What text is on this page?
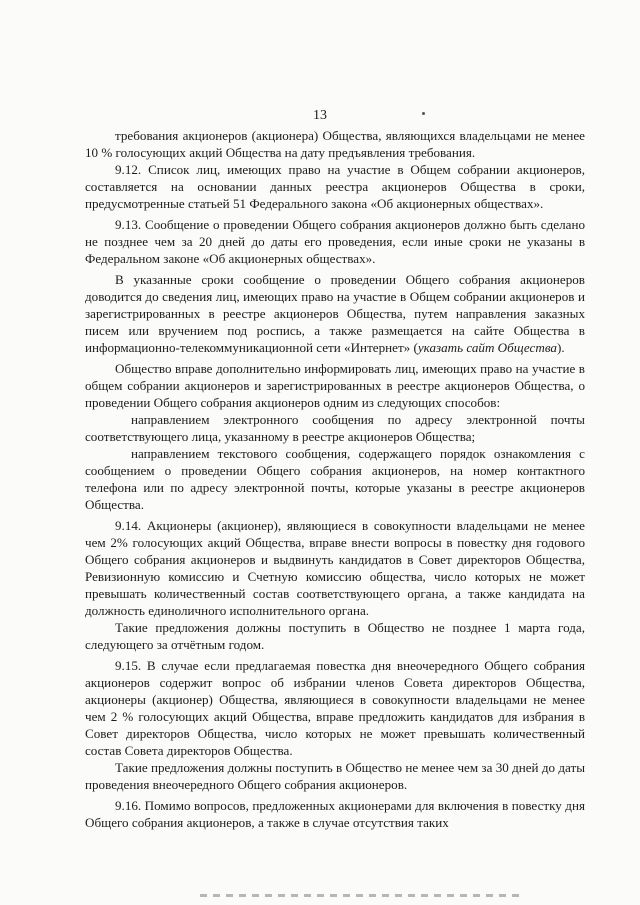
13

требования акционеров (акционера) Общества, являющихся владельцами не менее 10 % голосующих акций Общества на дату предъявления требования.

9.12. Список лиц, имеющих право на участие в Общем собрании акционеров, составляется на основании данных реестра акционеров Общества в сроки, предусмотренные статьей 51 Федерального закона «Об акционерных обществах».

9.13. Сообщение о проведении Общего собрания акционеров должно быть сделано не позднее чем за 20 дней до даты его проведения, если иные сроки не указаны в Федеральном законе «Об акционерных обществах».

В указанные сроки сообщение о проведении Общего собрания акционеров доводится до сведения лиц, имеющих право на участие в Общем собрании акционеров и зарегистрированных в реестре акционеров Общества, путем направления заказных писем или вручением под роспись, а также размещается на сайте Общества в информационно-телекоммуникационной сети «Интернет» (указать сайт Общества).

Общество вправе дополнительно информировать лиц, имеющих право на участие в общем собрании акционеров и зарегистрированных в реестре акционеров Общества, о проведении Общего собрания акционеров одним из следующих способов:

направлением электронного сообщения по адресу электронной почты соответствующего лица, указанному в реестре акционеров Общества;

направлением текстового сообщения, содержащего порядок ознакомления с сообщением о проведении Общего собрания акционеров, на номер контактного телефона или по адресу электронной почты, которые указаны в реестре акционеров Общества.

9.14. Акционеры (акционер), являющиеся в совокупности владельцами не менее чем 2% голосующих акций Общества, вправе внести вопросы в повестку дня годового Общего собрания акционеров и выдвинуть кандидатов в Совет директоров Общества, Ревизионную комиссию и Счетную комиссию общества, число которых не может превышать количественный состав соответствующего органа, а также кандидата на должность единоличного исполнительного органа.

Такие предложения должны поступить в Общество не позднее 1 марта года, следующего за отчётным годом.

9.15. В случае если предлагаемая повестка дня внеочередного Общего собрания акционеров содержит вопрос об избрании членов Совета директоров Общества, акционеры (акционер) Общества, являющиеся в совокупности владельцами не менее чем 2 % голосующих акций Общества, вправе предложить кандидатов для избрания в Совет директоров Общества, число которых не может превышать количественный состав Совета директоров Общества.

Такие предложения должны поступить в Общество не менее чем за 30 дней до даты проведения внеочередного Общего собрания акционеров.

9.16. Помимо вопросов, предложенных акционерами для включения в повестку дня Общего собрания акционеров, а также в случае отсутствия таких
